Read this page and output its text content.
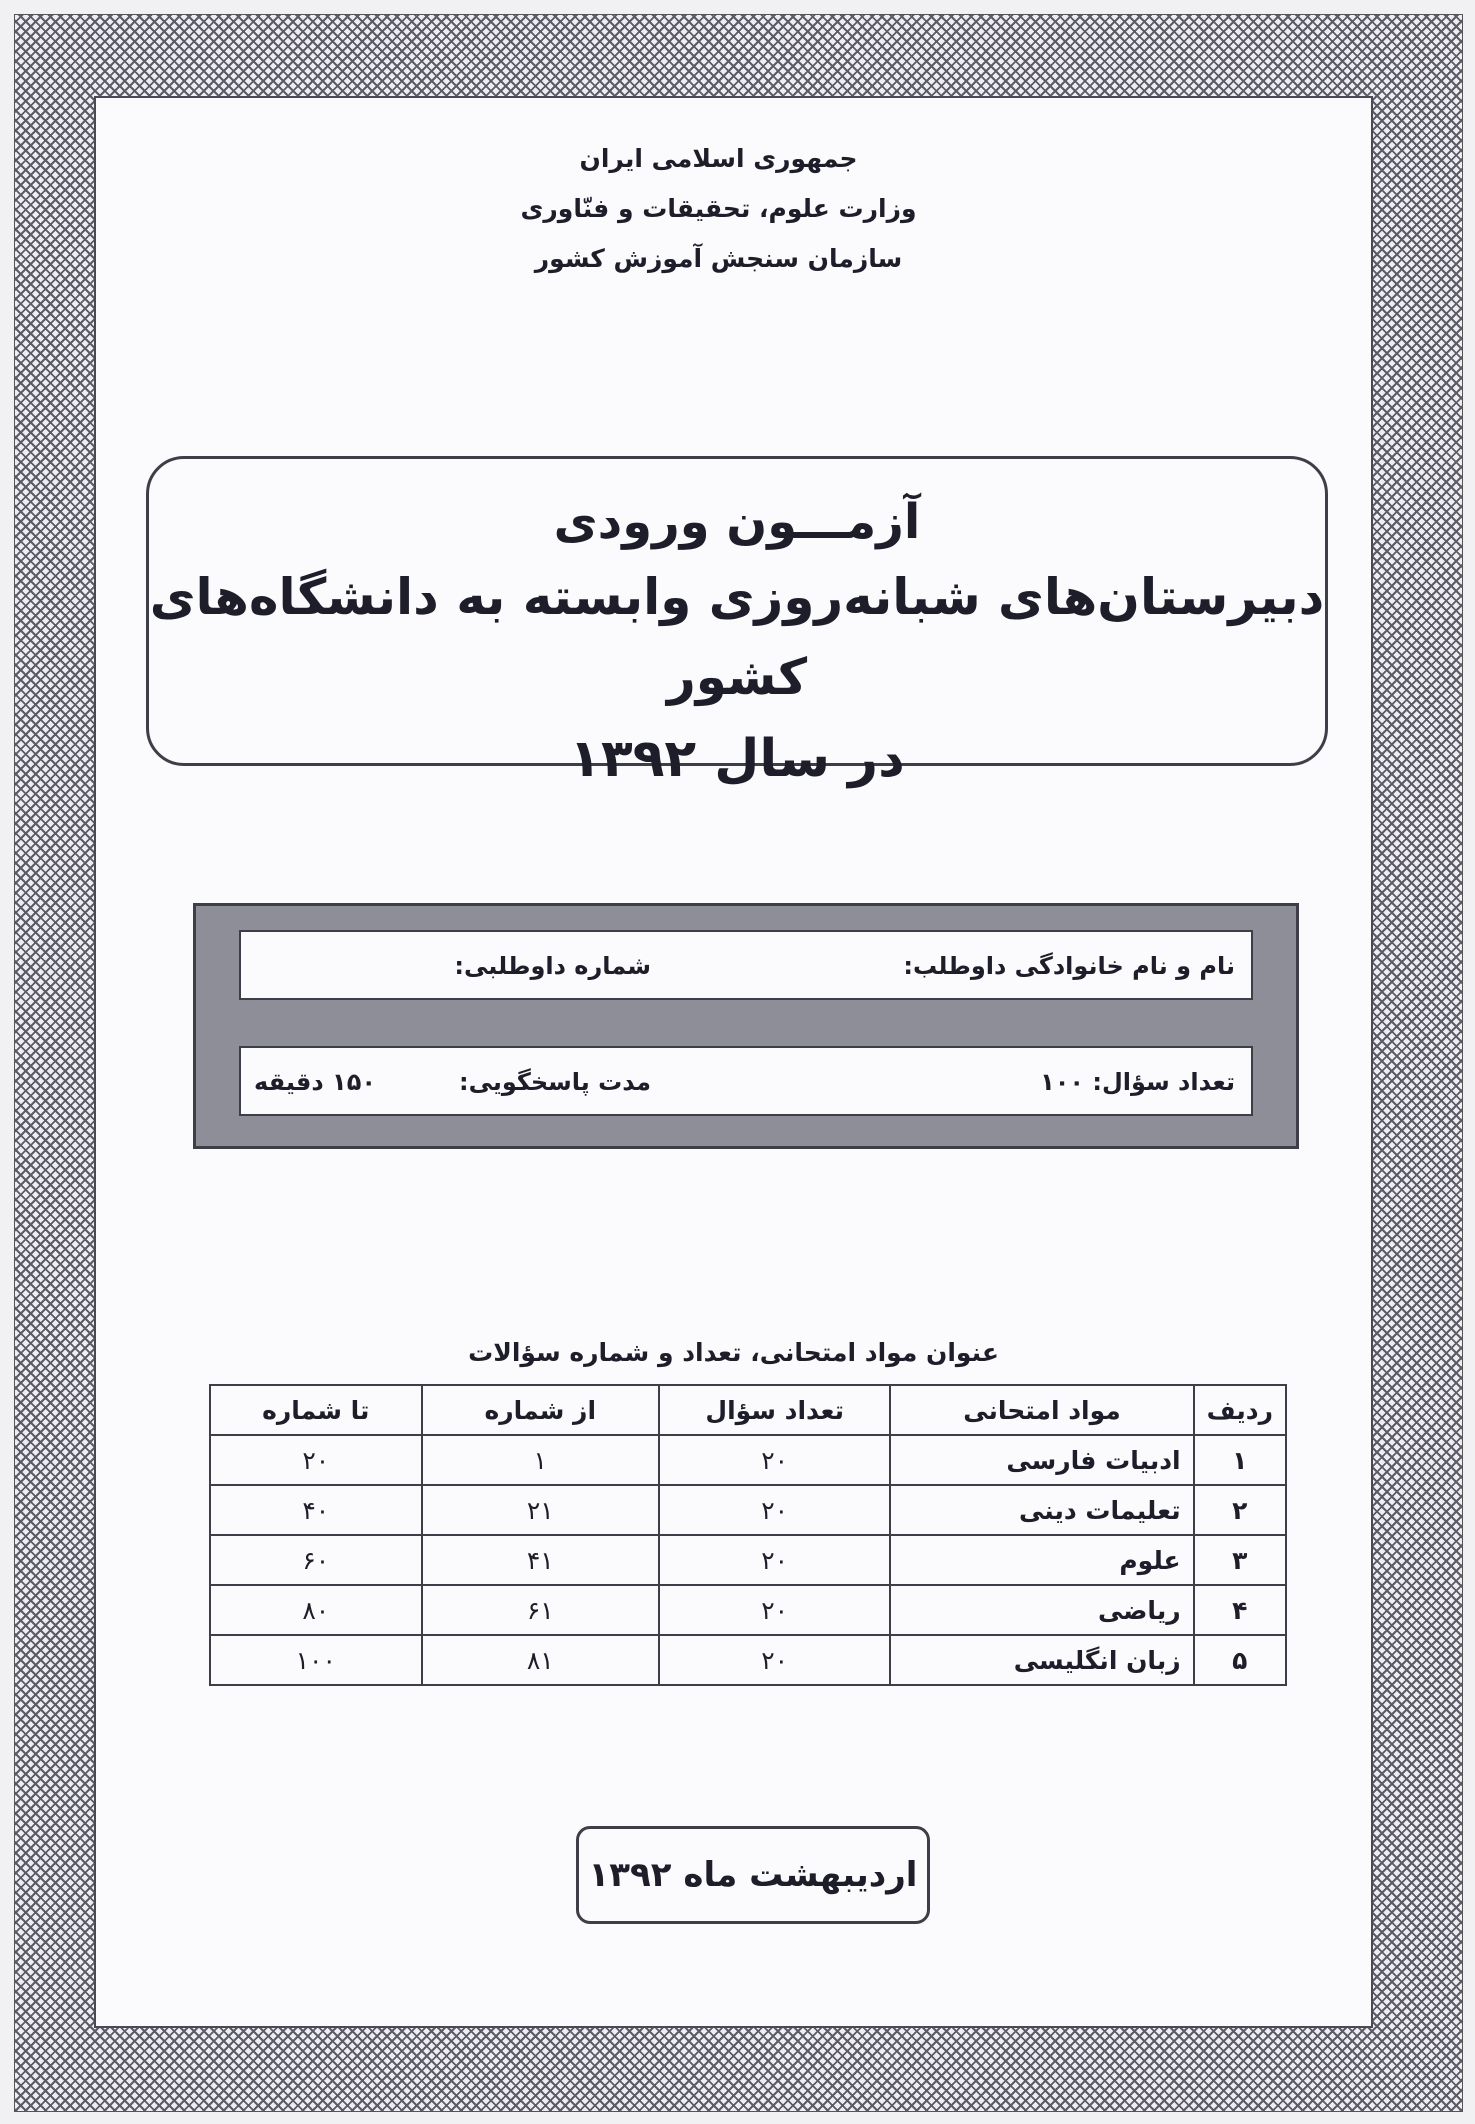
جمهوری اسلامی ایران
وزارت علوم، تحقیقات و فنّاوری
سازمان سنجش آموزش کشور
آزمـــون ورودی
دبیرستان‌های شبانه‌روزی وابسته به دانشگاه‌های کشور
در سال ۱۳۹۲
نام و نام خانوادگی داوطلب:
شماره داوطلبی:
تعداد سؤال: ۱۰۰
مدت پاسخگویی:
۱۵۰ دقیقه
عنوان مواد امتحانی، تعداد و شماره سؤالات
ردیف	مواد امتحانی	تعداد سؤال	از شماره	تا شماره
۱	ادبیات فارسی	۲۰	۱	۲۰
۲	تعلیمات دینی	۲۰	۲۱	۴۰
۳	علوم	۲۰	۴۱	۶۰
۴	ریاضی	۲۰	۶۱	۸۰
۵	زبان انگلیسی	۲۰	۸۱	۱۰۰
اردیبهشت ماه ۱۳۹۲
